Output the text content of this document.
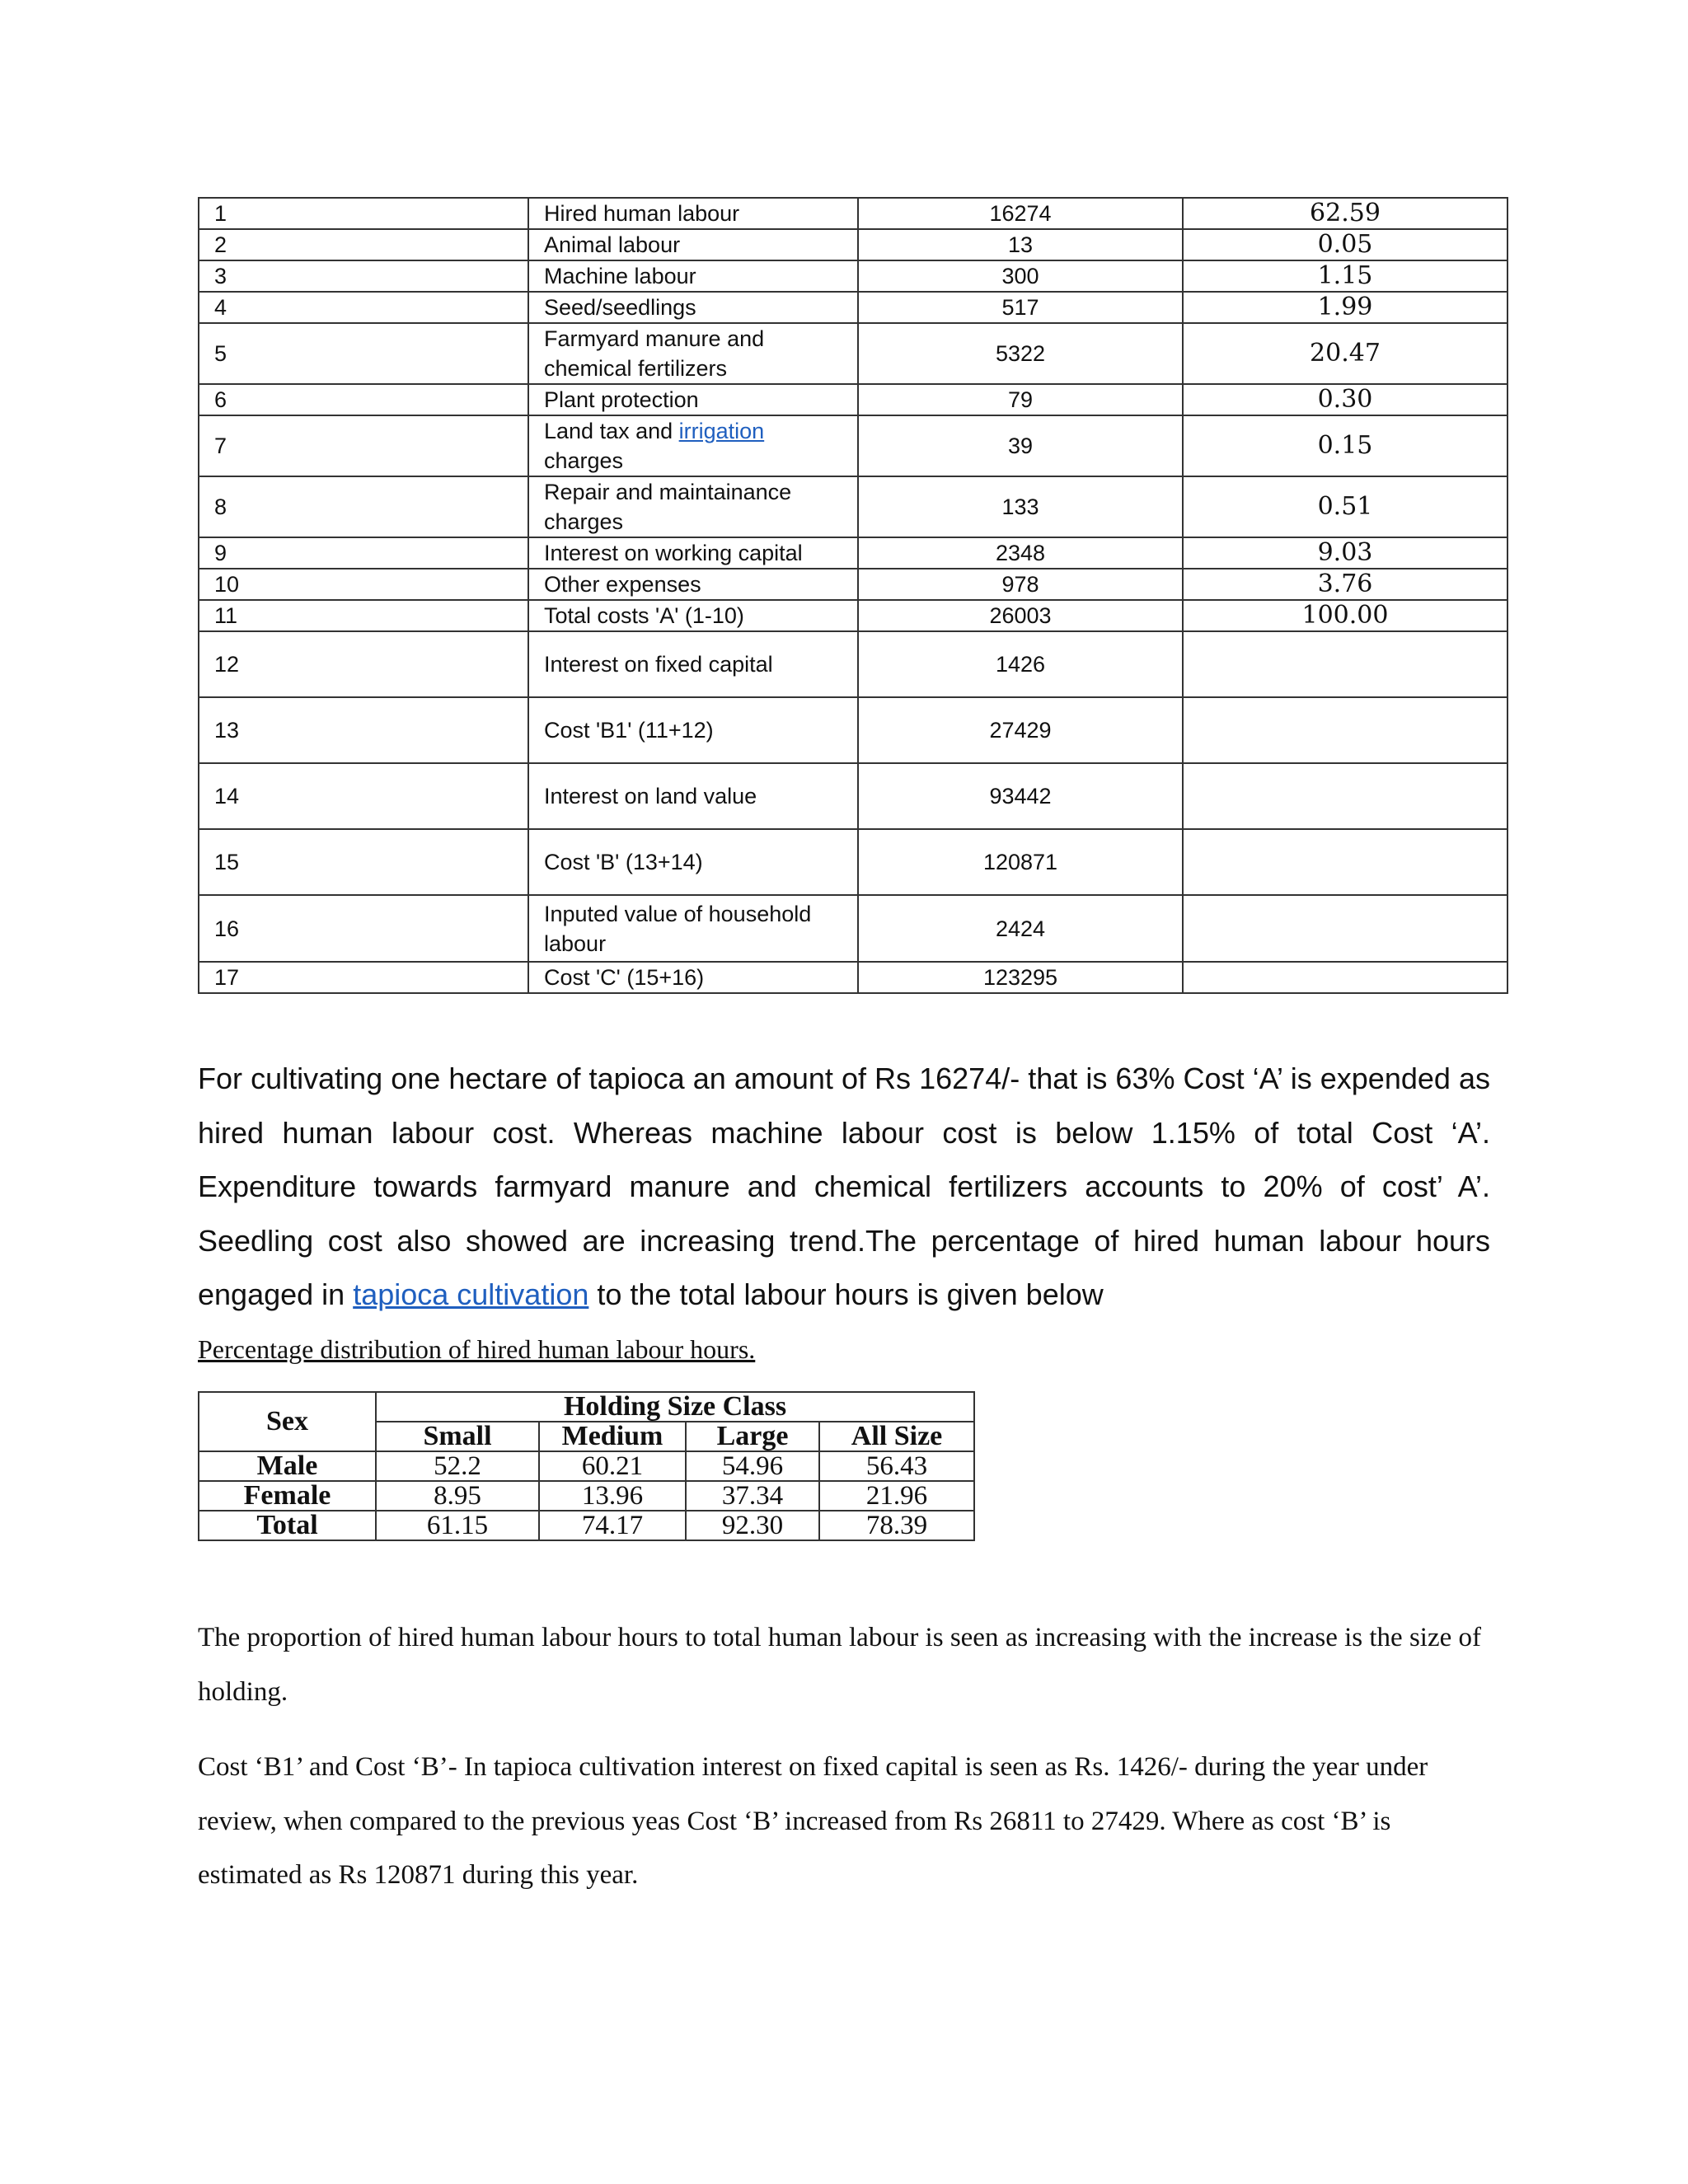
1	Hired human labour	16274	62.59
2	Animal labour	13	0.05
3	Machine labour	300	1.15
4	Seed/seedlings	517	1.99
5	Farmyard manure and chemical fertilizers	5322	20.47
6	Plant protection	79	0.30
7	Land tax and irrigation charges	39	0.15
8	Repair and maintainance charges	133	0.51
9	Interest on working capital	2348	9.03
10	Other expenses	978	3.76
11	Total costs 'A' (1-10)	26003	100.00
12	Interest on fixed capital	1426	
13	Cost 'B1' (11+12)	27429	
14	Interest on land value	93442	
15	Cost 'B' (13+14)	120871	
16	Inputed value of household labour	2424	
17	Cost 'C' (15+16)	123295	

For cultivating one hectare of tapioca an amount of Rs 16274/- that is 63% Cost ‘A’ is expended as hired human labour cost. Whereas machine labour cost is below 1.15% of total Cost ‘A’. Expenditure towards farmyard manure and chemical fertilizers accounts to 20% of cost’ A’. Seedling cost also showed are increasing trend.The percentage of hired human labour hours engaged in tapioca cultivation to the total labour hours is given below

Percentage distribution of hired human labour hours.

Sex	Holding Size Class			
	Small	Medium	Large	All Size
Male	52.2	60.21	54.96	56.43
Female	8.95	13.96	37.34	21.96
Total	61.15	74.17	92.30	78.39

The proportion of hired human labour hours to total human labour is seen as increasing with the increase is the size of holding.

Cost ‘B1’ and Cost ‘B’- In tapioca cultivation interest on fixed capital is seen as Rs. 1426/- during the year under review, when compared to the previous yeas Cost ‘B’ increased from Rs 26811 to 27429. Where as cost ‘B’ is estimated as Rs 120871 during this year.
